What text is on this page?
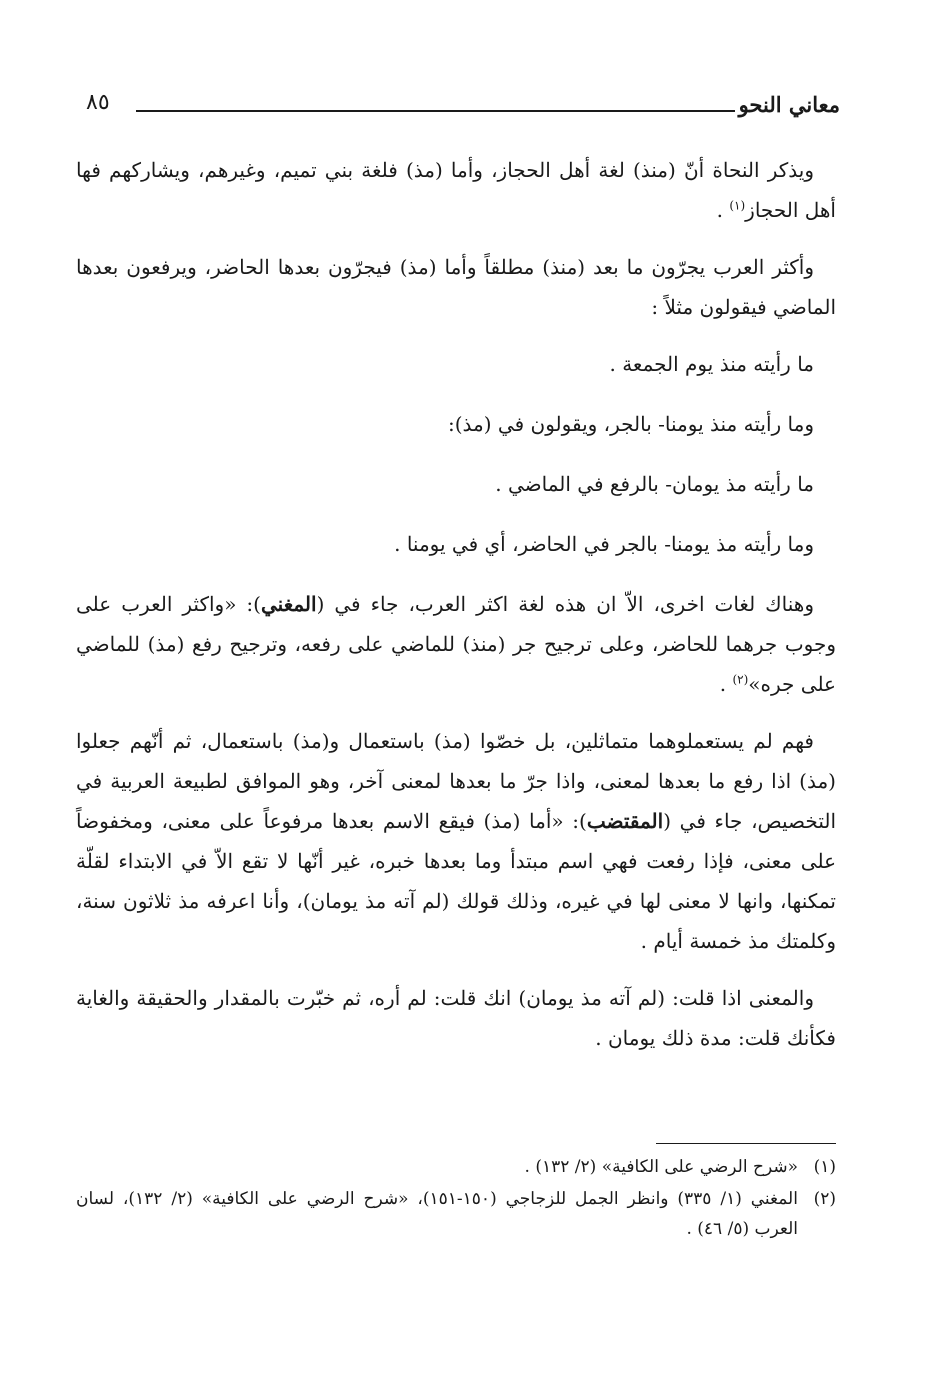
معاني النحو
٨٥

ويذكر النحاة أنّ (منذ) لغة أهل الحجاز، وأما (مذ) فلغة بني تميم، وغيرهم، ويشاركهم فها أهل الحجاز$^{(١)}$ .

وأكثر العرب يجرّون ما بعد (منذ) مطلقاً وأما (مذ) فيجرّون بعدها الحاضر، ويرفعون بعدها الماضي فيقولون مثلاً :

ما رأيته منذ يوم الجمعة .

وما رأيته منذ يومنا- بالجر، ويقولون في (مذ):

ما رأيته مذ يومان- بالرفع في الماضي .

وما رأيته مذ يومنا- بالجر في الحاضر، أي في يومنا .

وهناك لغات اخرى، الاّ ان هذه لغة اكثر العرب، جاء في (المغني): «واكثر العرب على وجوب جرهما للحاضر، وعلى ترجيح جر (منذ) للماضي على رفعه، وترجيح رفع (مذ) للماضي على جره»$^{(٢)}$ .

فهم لم يستعملوهما متماثلين، بل خصّوا (مذ) باستعمال و(مذ) باستعمال، ثم أنّهم جعلوا (مذ) اذا رفع ما بعدها لمعنى، واذا جرّ ما بعدها لمعنى آخر، وهو الموافق لطبيعة العربية في التخصيص، جاء في (المقتضب): «أما (مذ) فيقع الاسم بعدها مرفوعاً على معنى، ومخفوضاً على معنى، فإذا رفعت فهي اسم مبتدأ وما بعدها خبره، غير أنّها لا تقع الاّ في الابتداء لقلّة تمكنها، وانها لا معنى لها في غيره، وذلك قولك (لم آته مذ يومان)، وأنا اعرفه مذ ثلاثون سنة، وكلمتك مذ خمسة أيام .

والمعنى اذا قلت: (لم آته مذ يومان) انك قلت: لم أره، ثم خبّرت بالمقدار والحقيقة والغاية فكأنك قلت: مدة ذلك يومان .

(١)
«شرح الرضي على الكافية» (٢/ ١٣٢) .
(٢)
المغني (١/ ٣٣٥) وانظر الجمل للزجاجي (١٥٠-١٥١)، «شرح الرضي على الكافية» (٢/ ١٣٢)، لسان العرب (٥/ ٤٦) .
